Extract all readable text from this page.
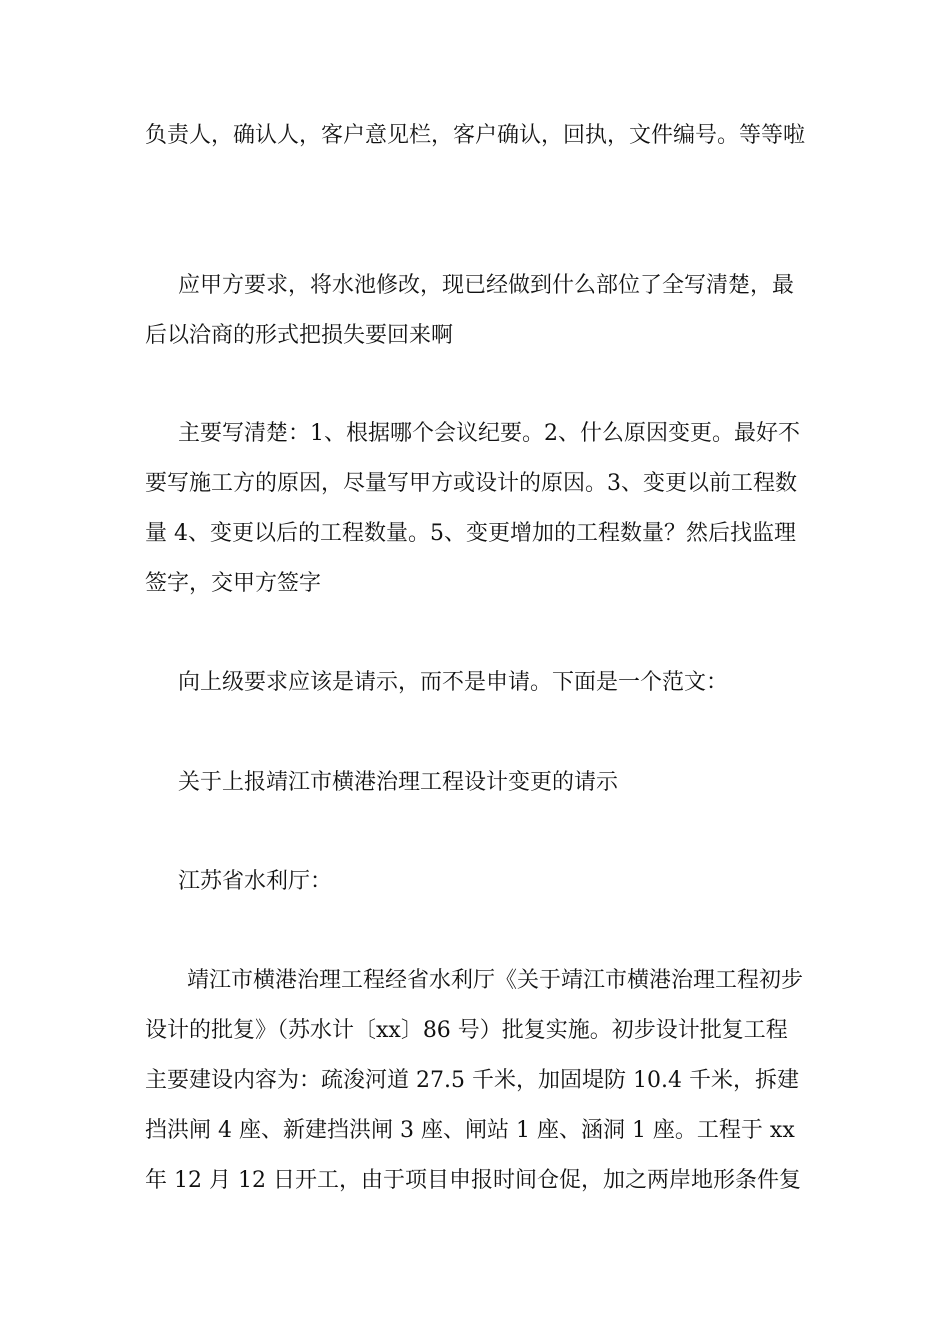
负责人，确认人，客户意见栏，客户确认，回执，文件编号。等等啦

应甲方要求，将水池修改，现已经做到什么部位了全写清楚，最后以洽商的形式把损失要回来啊

主要写清楚：1、根据哪个会议纪要。2、什么原因变更。最好不要写施工方的原因，尽量写甲方或设计的原因。3、变更以前工程数量 4、变更以后的工程数量。5、变更增加的工程数量？然后找监理签字，交甲方签字

向上级要求应该是请示，而不是申请。下面是一个范文：

关于上报靖江市横港治理工程设计变更的请示

江苏省水利厅：

靖江市横港治理工程经省水利厅《关于靖江市横港治理工程初步设计的批复》（苏水计〔xx〕86 号）批复实施。初步设计批复工程主要建设内容为：疏浚河道 27.5 千米，加固堤防 10.4 千米，拆建挡洪闸 4 座、新建挡洪闸 3 座、闸站 1 座、涵洞 1 座。工程于 xx 年 12 月 12 日开工，由于项目申报时间仓促，加之两岸地形条件复
